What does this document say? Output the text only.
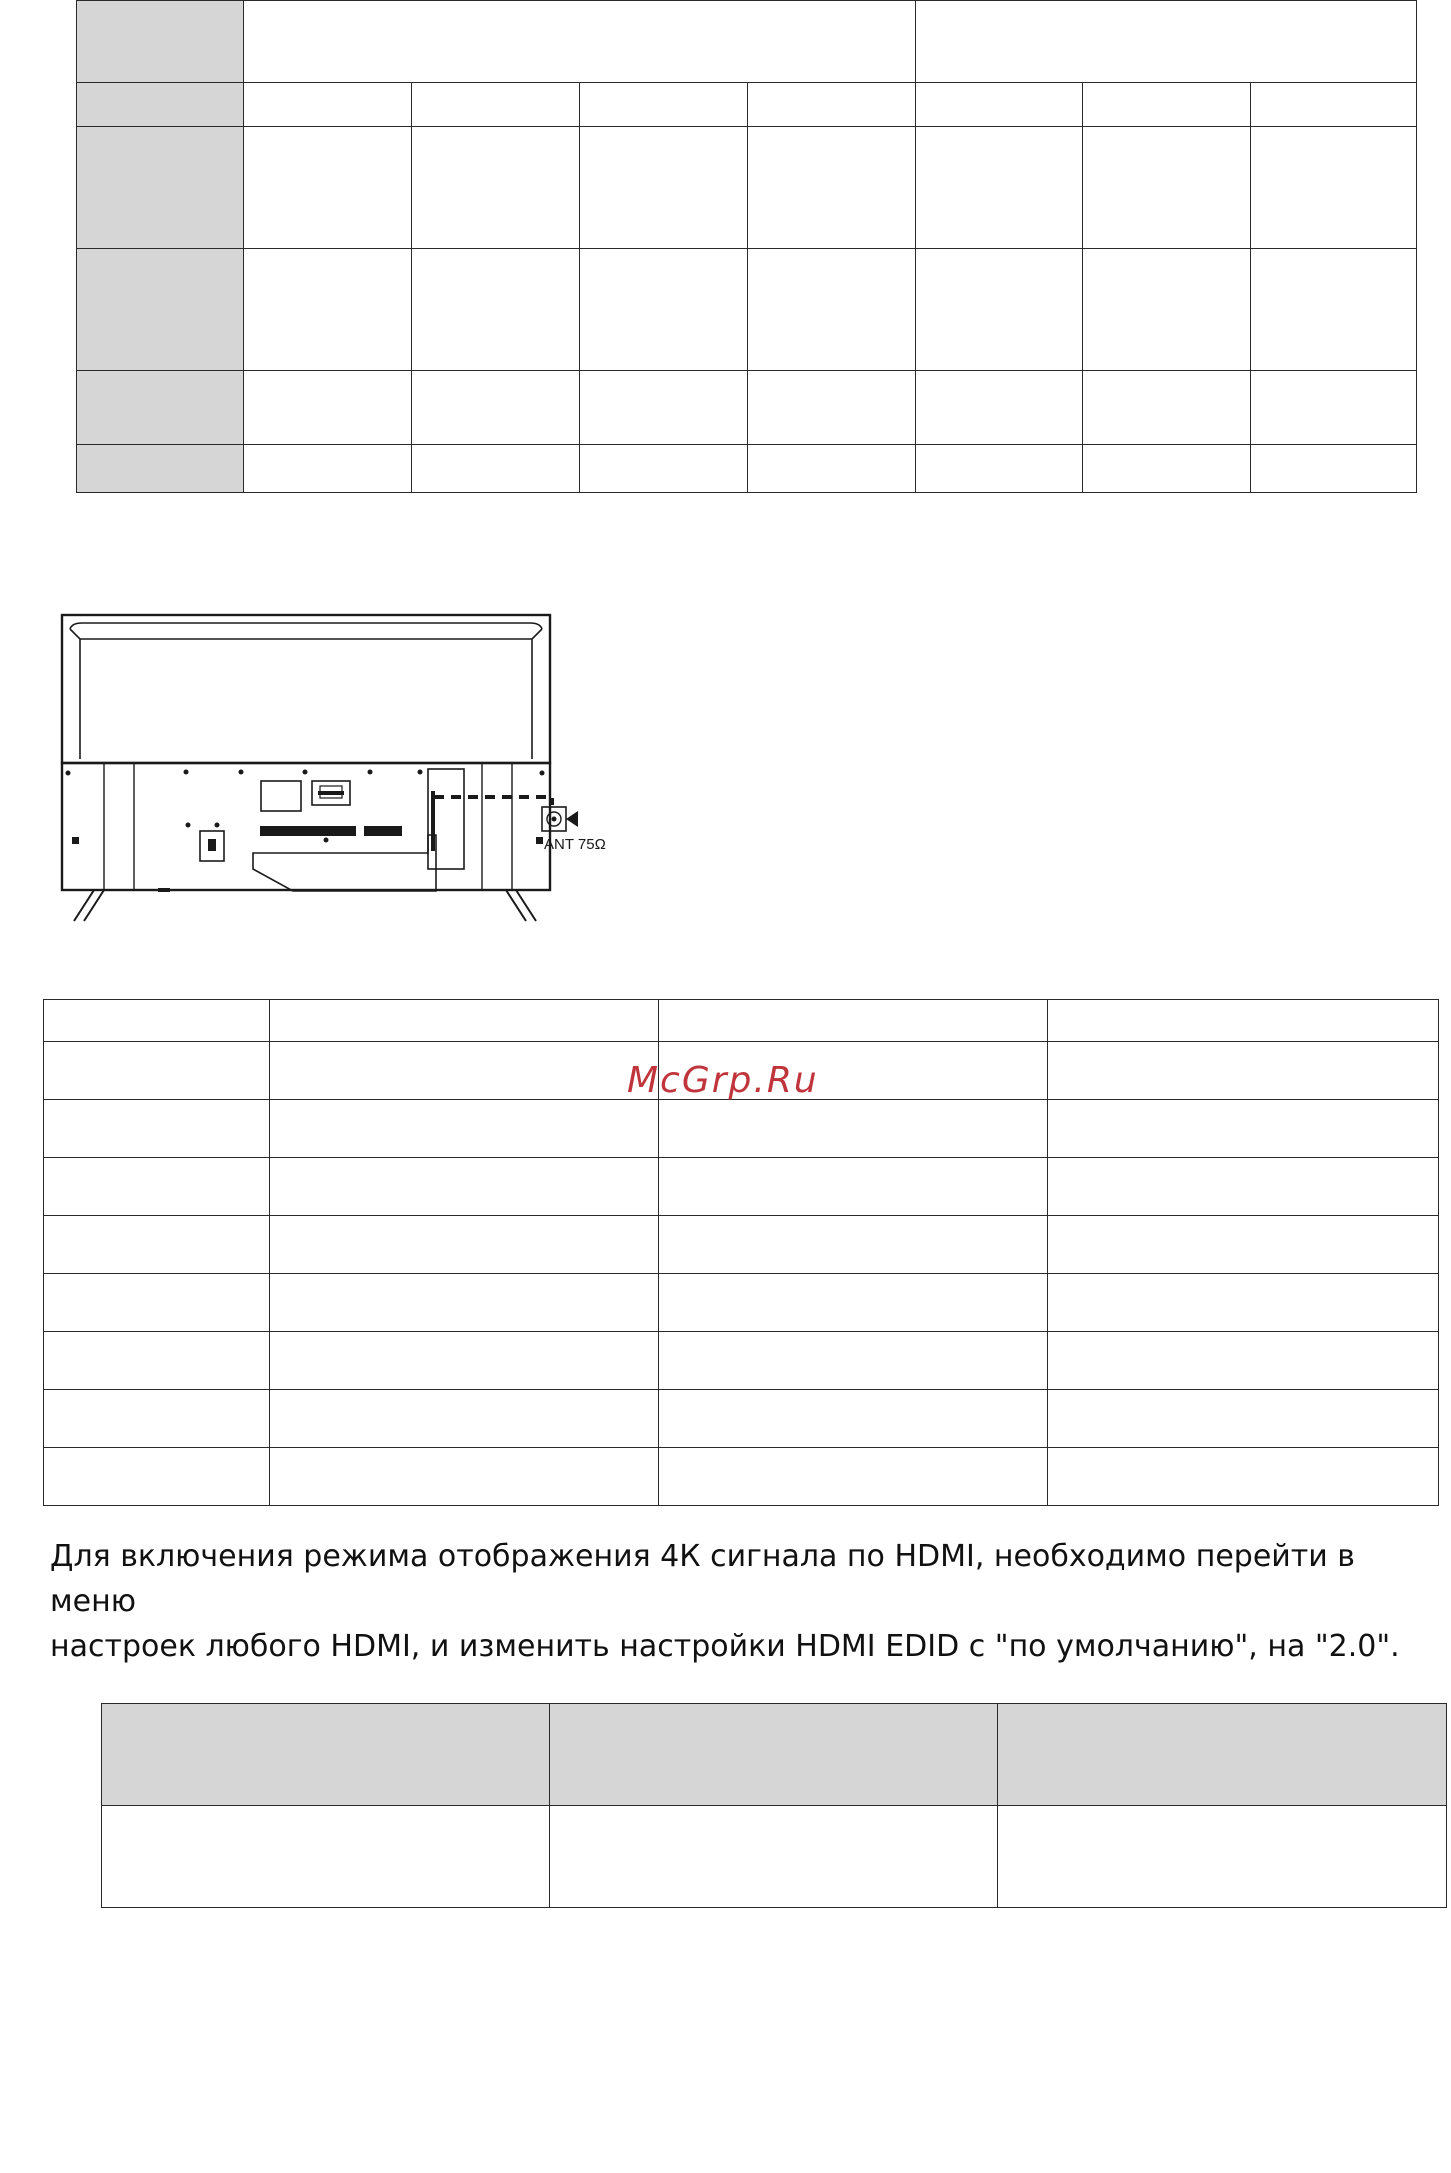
ANT 75Ω

McGrp.Ru
Для включения режима отображения 4К сигнала по HDMI, необходимо перейти в меню
настроек любого HDMI, и изменить настройки HDMI EDID с "по умолчанию", на "2.0".
